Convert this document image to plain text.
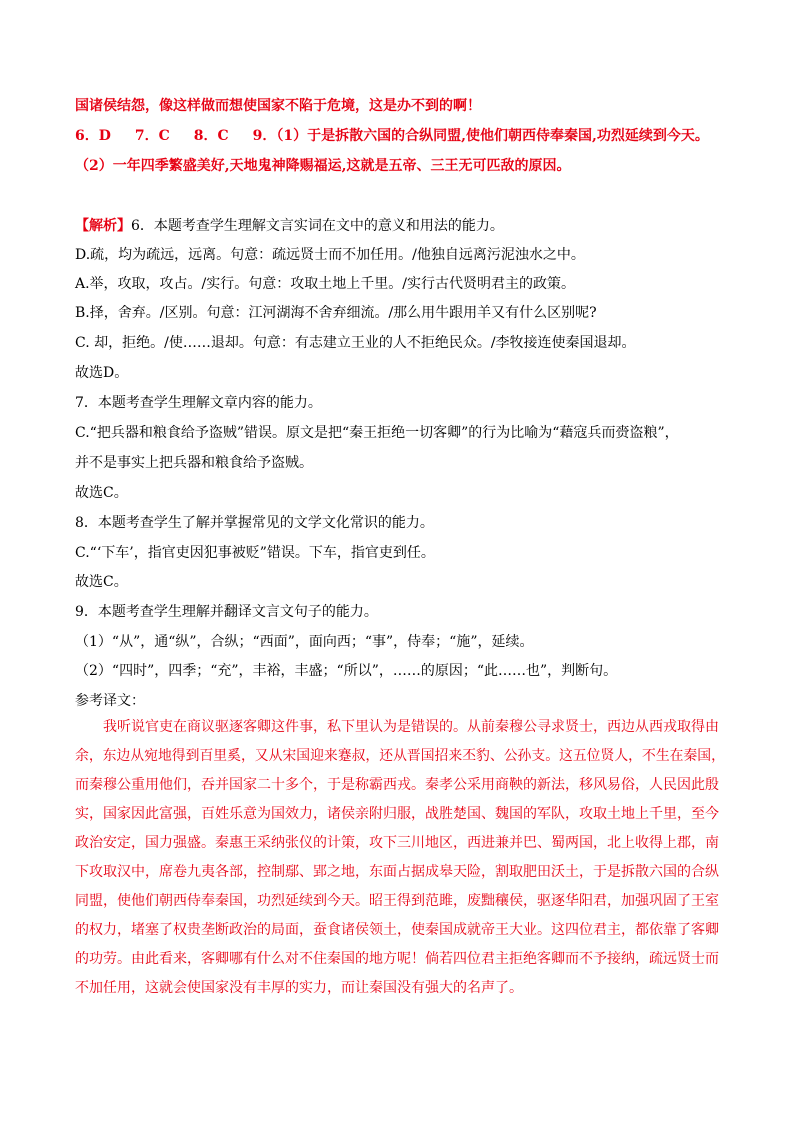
国诸侯结怨，像这样做而想使国家不陷于危境，这是办不到的啊！
6．D 7．C 8．C 9．（1）于是拆散六国的合纵同盟,使他们朝西侍奉秦国,功烈延续到今天。
（2）一年四季繁盛美好,天地鬼神降赐福运,这就是五帝、三王无可匹敌的原因。
【解析】6．本题考查学生理解文言实词在文中的意义和用法的能力。
D.疏，均为疏远，远离。句意：疏远贤士而不加任用。/他独自远离污泥浊水之中。
A.举，攻取，攻占。/实行。句意：攻取土地上千里。/实行古代贤明君主的政策。
B.择，舍弃。/区别。句意：江河湖海不舍弃细流。/那么用牛跟用羊又有什么区别呢?
C. 却，拒绝。/使……退却。句意：有志建立王业的人不拒绝民众。/李牧接连使秦国退却。
故选D。
7．本题考查学生理解文章内容的能力。
C.“把兵器和粮食给予盗贼”错误。原文是把“秦王拒绝一切客卿”的行为比喻为“藉寇兵而赍盗粮”，
并不是事实上把兵器和粮食给予盗贼。
故选C。
8．本题考查学生了解并掌握常见的文学文化常识的能力。
C.“‘下车’，指官吏因犯事被贬”错误。下车，指官吏到任。
故选C。
9．本题考查学生理解并翻译文言文句子的能力。
（1）“从”，通“纵”，合纵；“西面”，面向西；“事”，侍奉；“施”，延续。
（2）“四时”，四季；“充”，丰裕，丰盛；“所以”，……的原因；“此……也”，判断句。
参考译文：
　　我听说官吏在商议驱逐客卿这件事，私下里认为是错误的。从前秦穆公寻求贤士，西边从西戎取得由
余，东边从宛地得到百里奚，又从宋国迎来蹇叔，还从晋国招来丕豹、公孙支。这五位贤人，不生在秦国，
而秦穆公重用他们，吞并国家二十多个，于是称霸西戎。秦孝公采用商鞅的新法，移风易俗，人民因此殷
实，国家因此富强，百姓乐意为国效力，诸侯亲附归服，战胜楚国、魏国的军队，攻取土地上千里，至今
政治安定，国力强盛。秦惠王采纳张仪的计策，攻下三川地区，西进兼并巴、蜀两国，北上收得上郡，南
下攻取汉中，席卷九夷各部，控制鄢、郢之地，东面占据成皋天险，割取肥田沃土，于是拆散六国的合纵
同盟，使他们朝西侍奉秦国，功烈延续到今天。昭王得到范雎，废黜穰侯，驱逐华阳君，加强巩固了王室
的权力，堵塞了权贵垄断政治的局面，蚕食诸侯领土，使秦国成就帝王大业。这四位君主，都依靠了客卿
的功劳。由此看来，客卿哪有什么对不住秦国的地方呢！倘若四位君主拒绝客卿而不予接纳，疏远贤士而
不加任用，这就会使国家没有丰厚的实力，而让秦国没有强大的名声了。
